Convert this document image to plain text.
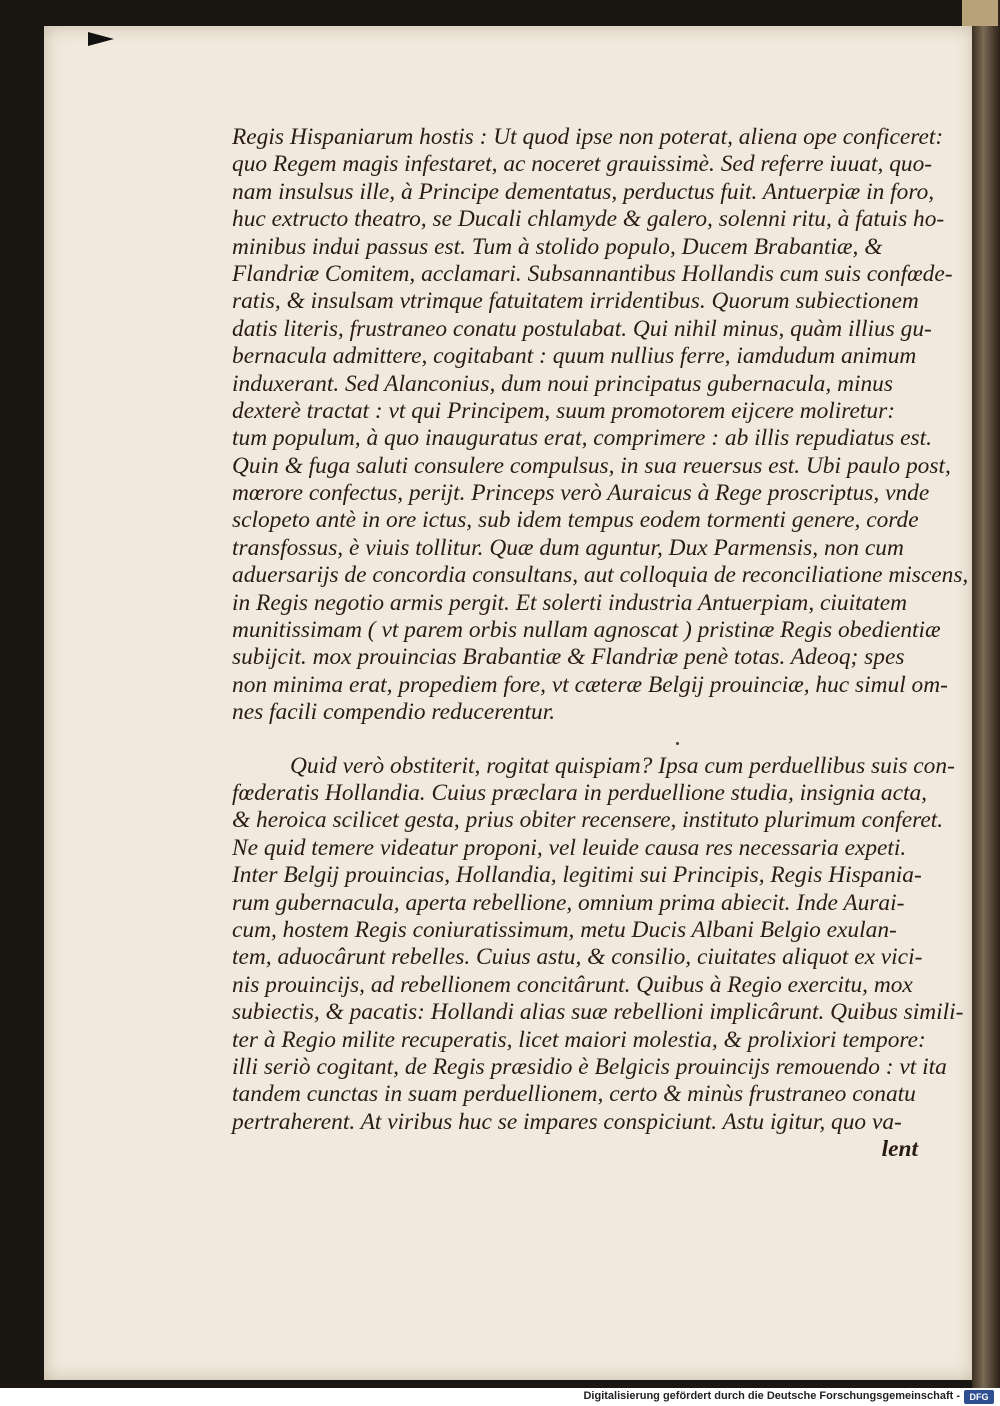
Regis Hispaniarum hostis : Ut quod ipse non poterat, aliena ope conficeret:
quo Regem magis infestaret, ac noceret grauissimè. Sed referre iuuat, quo-
nam insulsus ille, à Principe dementatus, perductus fuit. Antuerpiæ in foro,
huc extructo theatro, se Ducali chlamyde & galero, solenni ritu, à fatuis ho-
minibus indui passus est. Tum à stolido populo, Ducem Brabantiæ, &
Flandriæ Comitem, acclamari. Subsannantibus Hollandis cum suis confœde-
ratis, & insulsam vtrimque fatuitatem irridentibus. Quorum subiectionem
datis literis, frustraneo conatu postulabat. Qui nihil minus, quàm illius gu-
bernacula admittere, cogitabant : quum nullius ferre, iamdudum animum
induxerant. Sed Alanconius, dum noui principatus gubernacula, minus
dexterè tractat : vt qui Principem, suum promotorem eijcere moliretur:
tum populum, à quo inauguratus erat, comprimere : ab illis repudiatus est.
Quin & fuga saluti consulere compulsus, in sua reuersus est. Ubi paulo post,
mœrore confectus, perijt. Princeps verò Auraicus à Rege proscriptus, vnde
sclopeto antè in ore ictus, sub idem tempus eodem tormenti genere, corde
transfossus, è viuis tollitur. Quæ dum aguntur, Dux Parmensis, non cum
aduersarijs de concordia consultans, aut colloquia de reconciliatione miscens,
in Regis negotio armis pergit. Et solerti industria Antuerpiam, ciuitatem
munitissimam ( vt parem orbis nullam agnoscat ) pristinæ Regis obedientiæ
subijcit. mox prouincias Brabantiæ & Flandriæ penè totas. Adeoq; spes
non minima erat, propediem fore, vt cæteræ Belgij prouinciæ, huc simul om-
nes facili compendio reducerentur.
Quid verò obstiterit, rogitat quispiam? Ipsa cum perduellibus suis con-
fœderatis Hollandia. Cuius præclara in perduellione studia, insignia acta,
& heroica scilicet gesta, prius obiter recensere, instituto plurimum conferet.
Ne quid temere videatur proponi, vel leuide causa res necessaria expeti.
Inter Belgij prouincias, Hollandia, legitimi sui Principis, Regis Hispania-
rum gubernacula, aperta rebellione, omnium prima abiecit. Inde Aurai-
cum, hostem Regis coniuratissimum, metu Ducis Albani Belgio exulan-
tem, aduocârunt rebelles. Cuius astu, & consilio, ciuitates aliquot ex vici-
nis prouincijs, ad rebellionem concitârunt. Quibus à Regio exercitu, mox
subiectis, & pacatis: Hollandi alias suæ rebellioni implicârunt. Quibus simili-
ter à Regio milite recuperatis, licet maiori molestia, & prolixiori tempore:
illi seriò cogitant, de Regis præsidio è Belgicis prouincijs remouendo : vt ita
tandem cunctas in suam perduellionem, certo & minùs frustraneo conatu
pertraherent. At viribus huc se impares conspiciunt. Astu igitur, quo va-
lent
Digitalisierung gefördert durch die Deutsche Forschungsgemeinschaft -	DFG
